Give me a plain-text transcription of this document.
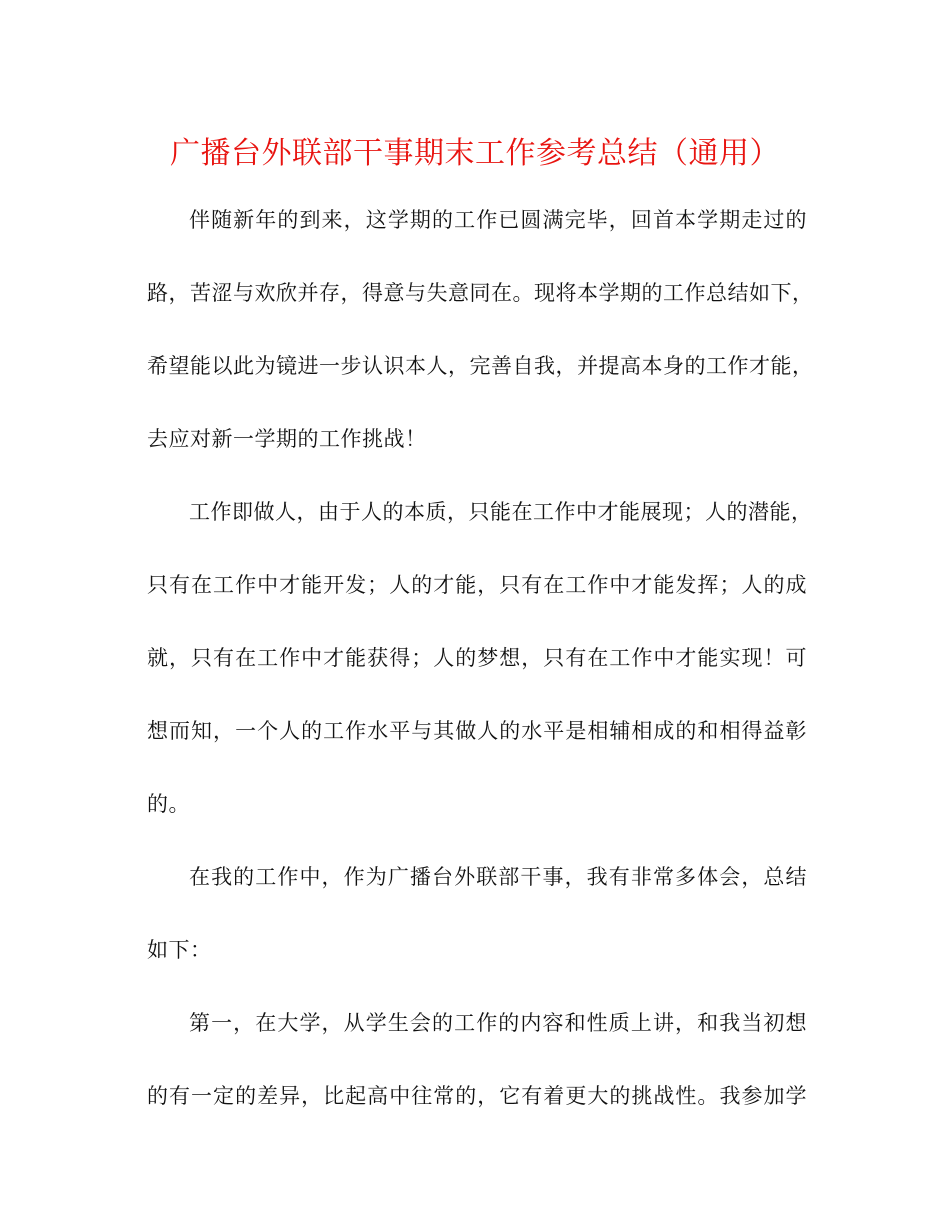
广播台外联部干事期末工作参考总结（通用）
伴随新年的到来，这学期的工作已圆满完毕，回首本学期走过的
路，苦涩与欢欣并存，得意与失意同在。现将本学期的工作总结如下，
希望能以此为镜进一步认识本人，完善自我，并提高本身的工作才能，
去应对新一学期的工作挑战！
工作即做人，由于人的本质，只能在工作中才能展现；人的潜能，
只有在工作中才能开发；人的才能，只有在工作中才能发挥；人的成
就，只有在工作中才能获得；人的梦想，只有在工作中才能实现！可
想而知，一个人的工作水平与其做人的水平是相辅相成的和相得益彰
的。
在我的工作中，作为广播台外联部干事，我有非常多体会，总结
如下：
第一，在大学，从学生会的工作的内容和性质上讲，和我当初想
的有一定的差异，比起高中往常的，它有着更大的挑战性。我参加学
